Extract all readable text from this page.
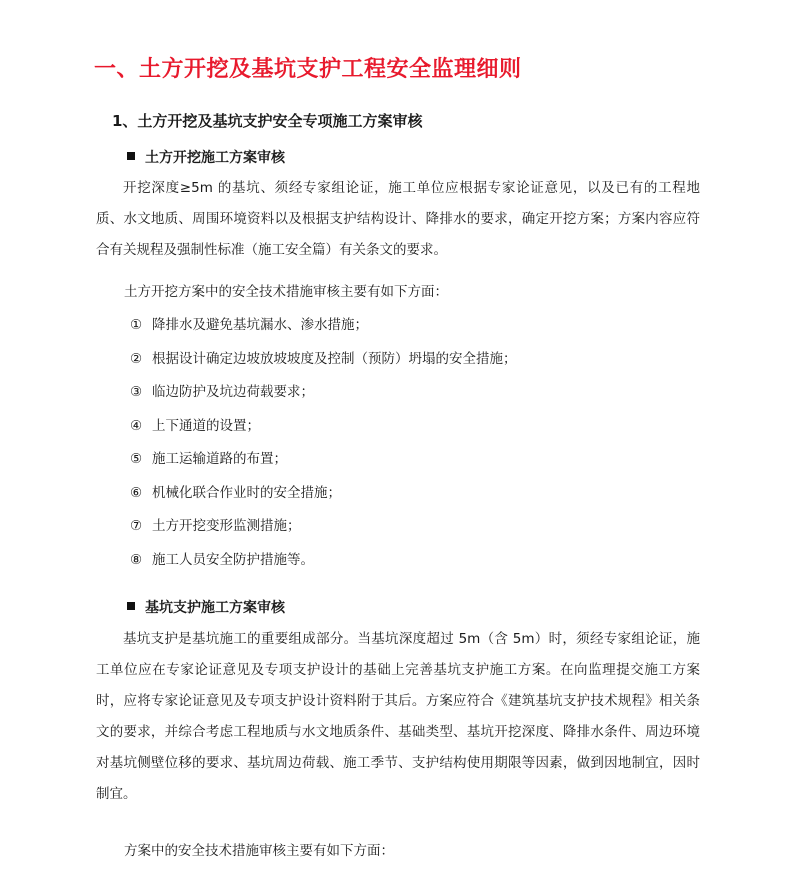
一、土方开挖及基坑支护工程安全监理细则
1、土方开挖及基坑支护安全专项施工方案审核
土方开挖施工方案审核
开挖深度≥5m 的基坑、须经专家组论证，施工单位应根据专家论证意见，以及已有的工程地质、水文地质、周围环境资料以及根据支护结构设计、降排水的要求，确定开挖方案；方案内容应符合有关规程及强制性标准（施工安全篇）有关条文的要求。
土方开挖方案中的安全技术措施审核主要有如下方面：
① 降排水及避免基坑漏水、渗水措施；
② 根据设计确定边坡放坡坡度及控制（预防）坍塌的安全措施；
③ 临边防护及坑边荷载要求；
④ 上下通道的设置；
⑤ 施工运输道路的布置；
⑥ 机械化联合作业时的安全措施；
⑦ 土方开挖变形监测措施；
⑧ 施工人员安全防护措施等。
基坑支护施工方案审核
基坑支护是基坑施工的重要组成部分。当基坑深度超过 5m（含 5m）时，须经专家组论证，施工单位应在专家论证意见及专项支护设计的基础上完善基坑支护施工方案。在向监理提交施工方案时，应将专家论证意见及专项支护设计资料附于其后。方案应符合《建筑基坑支护技术规程》相关条文的要求，并综合考虑工程地质与水文地质条件、基础类型、基坑开挖深度、降排水条件、周边环境对基坑侧壁位移的要求、基坑周边荷载、施工季节、支护结构使用期限等因素，做到因地制宜，因时制宜。
方案中的安全技术措施审核主要有如下方面：
